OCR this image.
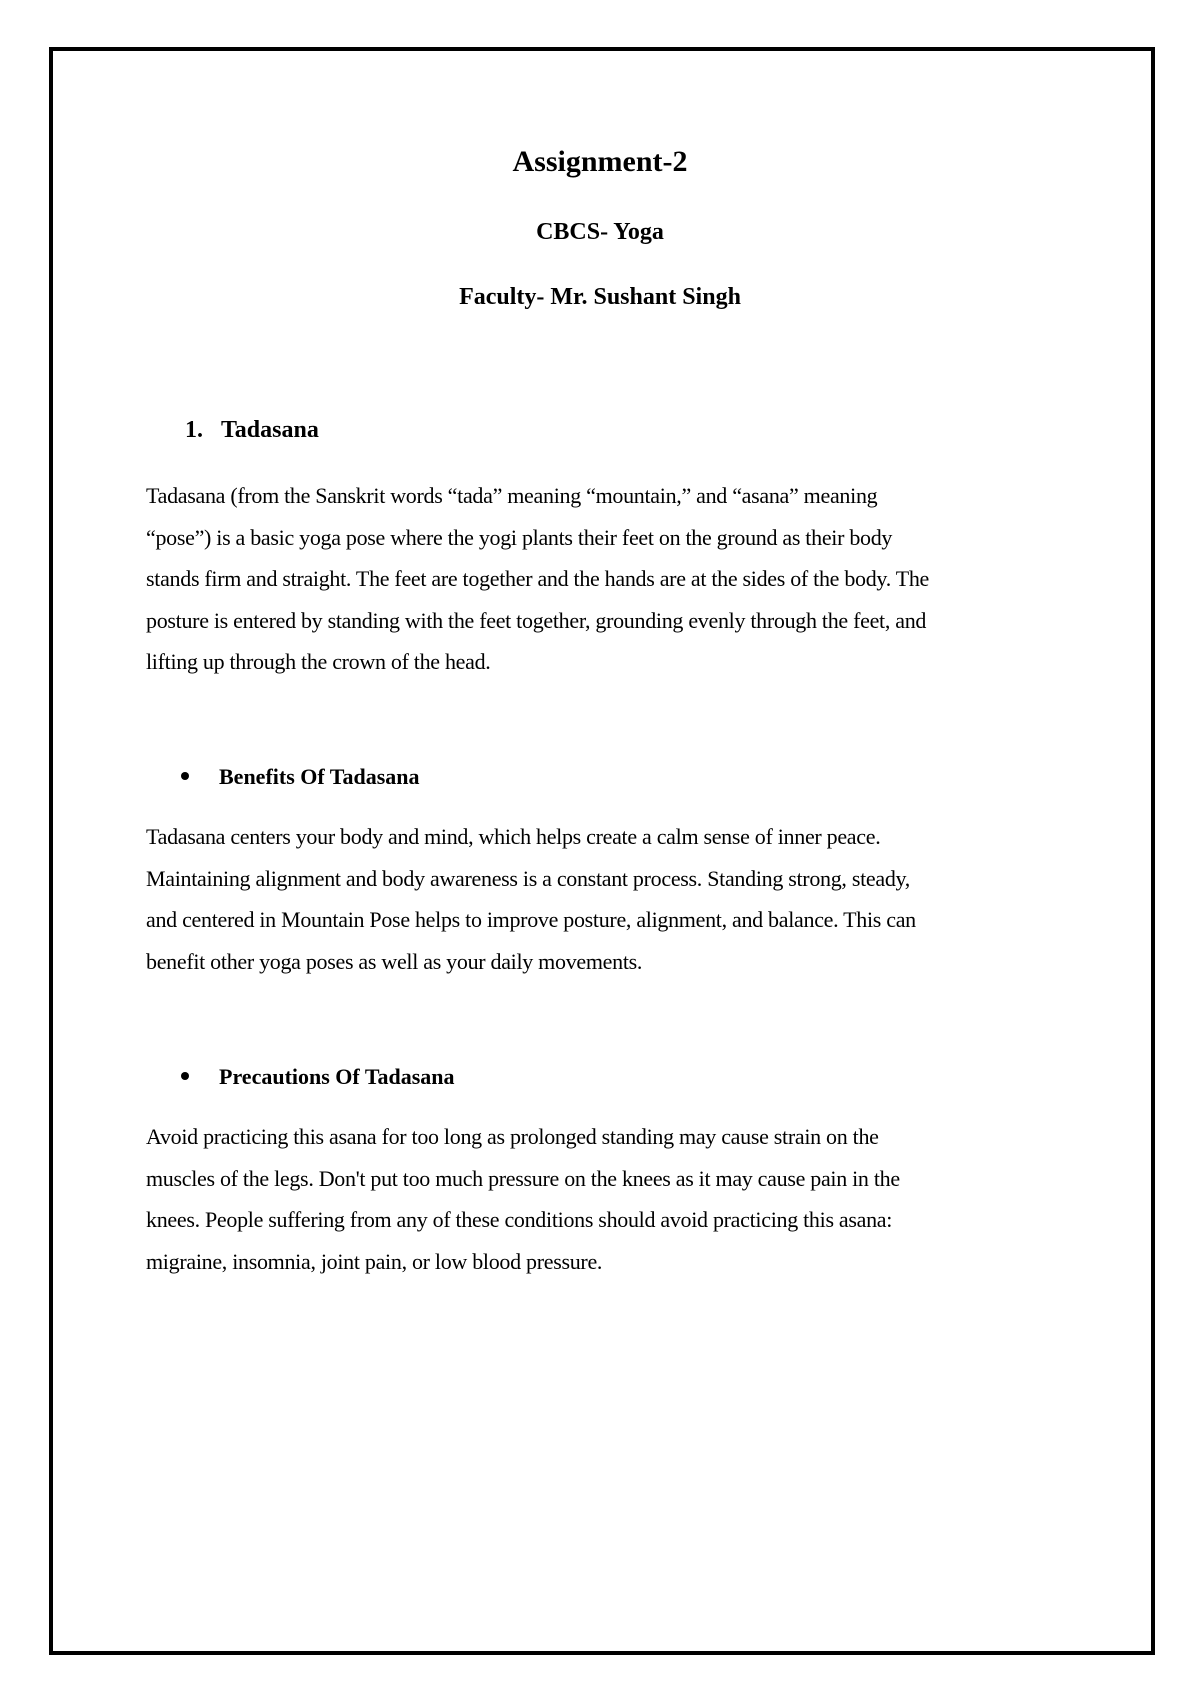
Assignment-2
CBCS- Yoga
Faculty- Mr. Sushant Singh
1. Tadasana

Tadasana (from the Sanskrit words “tada” meaning “mountain,” and “asana” meaning
“pose”) is a basic yoga pose where the yogi plants their feet on the ground as their body
stands firm and straight. The feet are together and the hands are at the sides of the body. The
posture is entered by standing with the feet together, grounding evenly through the feet, and
lifting up through the crown of the head.

Benefits Of Tadasana

Tadasana centers your body and mind, which helps create a calm sense of inner peace.
Maintaining alignment and body awareness is a constant process. Standing strong, steady,
and centered in Mountain Pose helps to improve posture, alignment, and balance. This can
benefit other yoga poses as well as your daily movements.

Precautions Of Tadasana

Avoid practicing this asana for too long as prolonged standing may cause strain on the
muscles of the legs. Don't put too much pressure on the knees as it may cause pain in the
knees. People suffering from any of these conditions should avoid practicing this asana:
migraine, insomnia, joint pain, or low blood pressure.
